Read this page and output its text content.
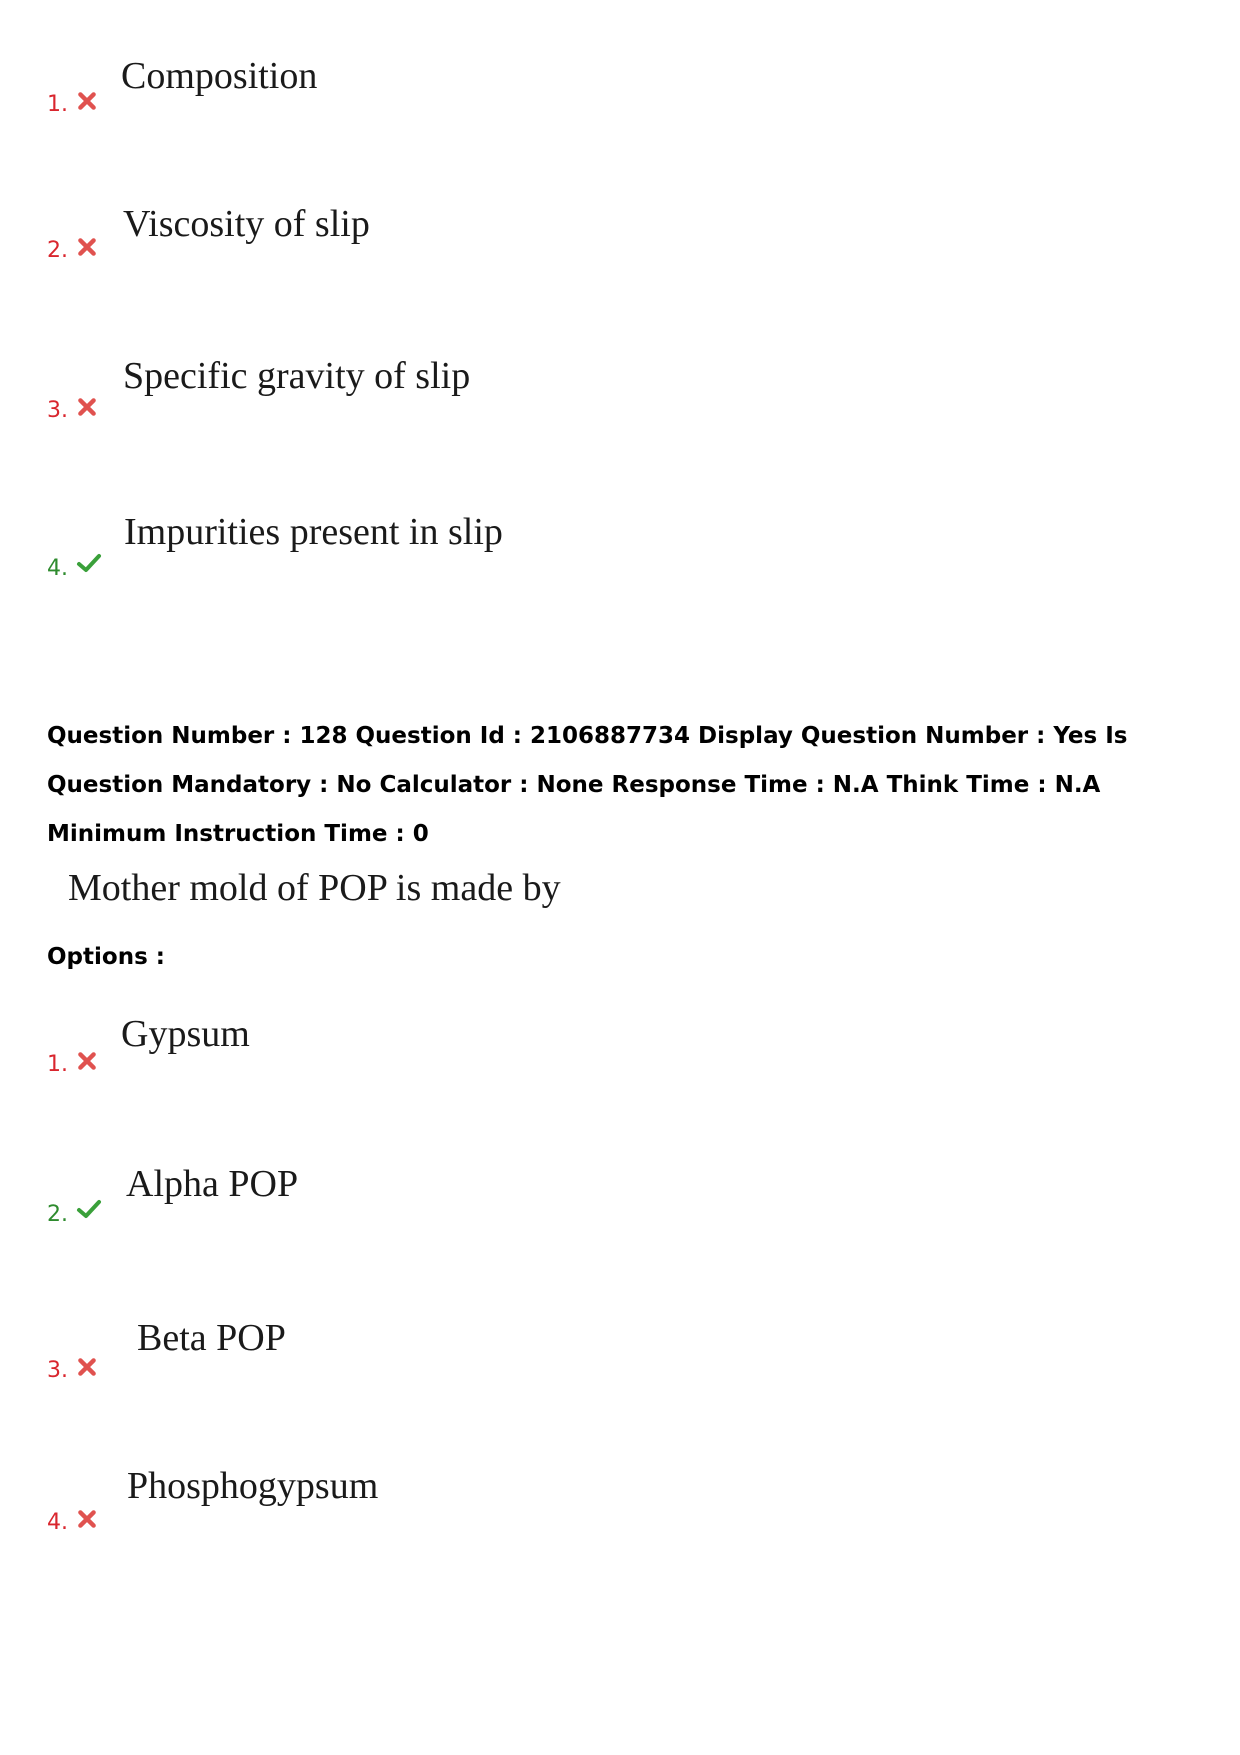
1.
Composition
2.
Viscosity of slip
3.
Specific gravity of slip
4.
Impurities present in slip
Question Number : 128 Question Id : 2106887734 Display Question Number : Yes Is Question Mandatory : No Calculator : None Response Time : N.A Think Time : N.A Minimum Instruction Time : 0
Mother mold of POP is made by
Options :
1.
Gypsum
2.
Alpha POP
3.
Beta POP
4.
Phosphogypsum
